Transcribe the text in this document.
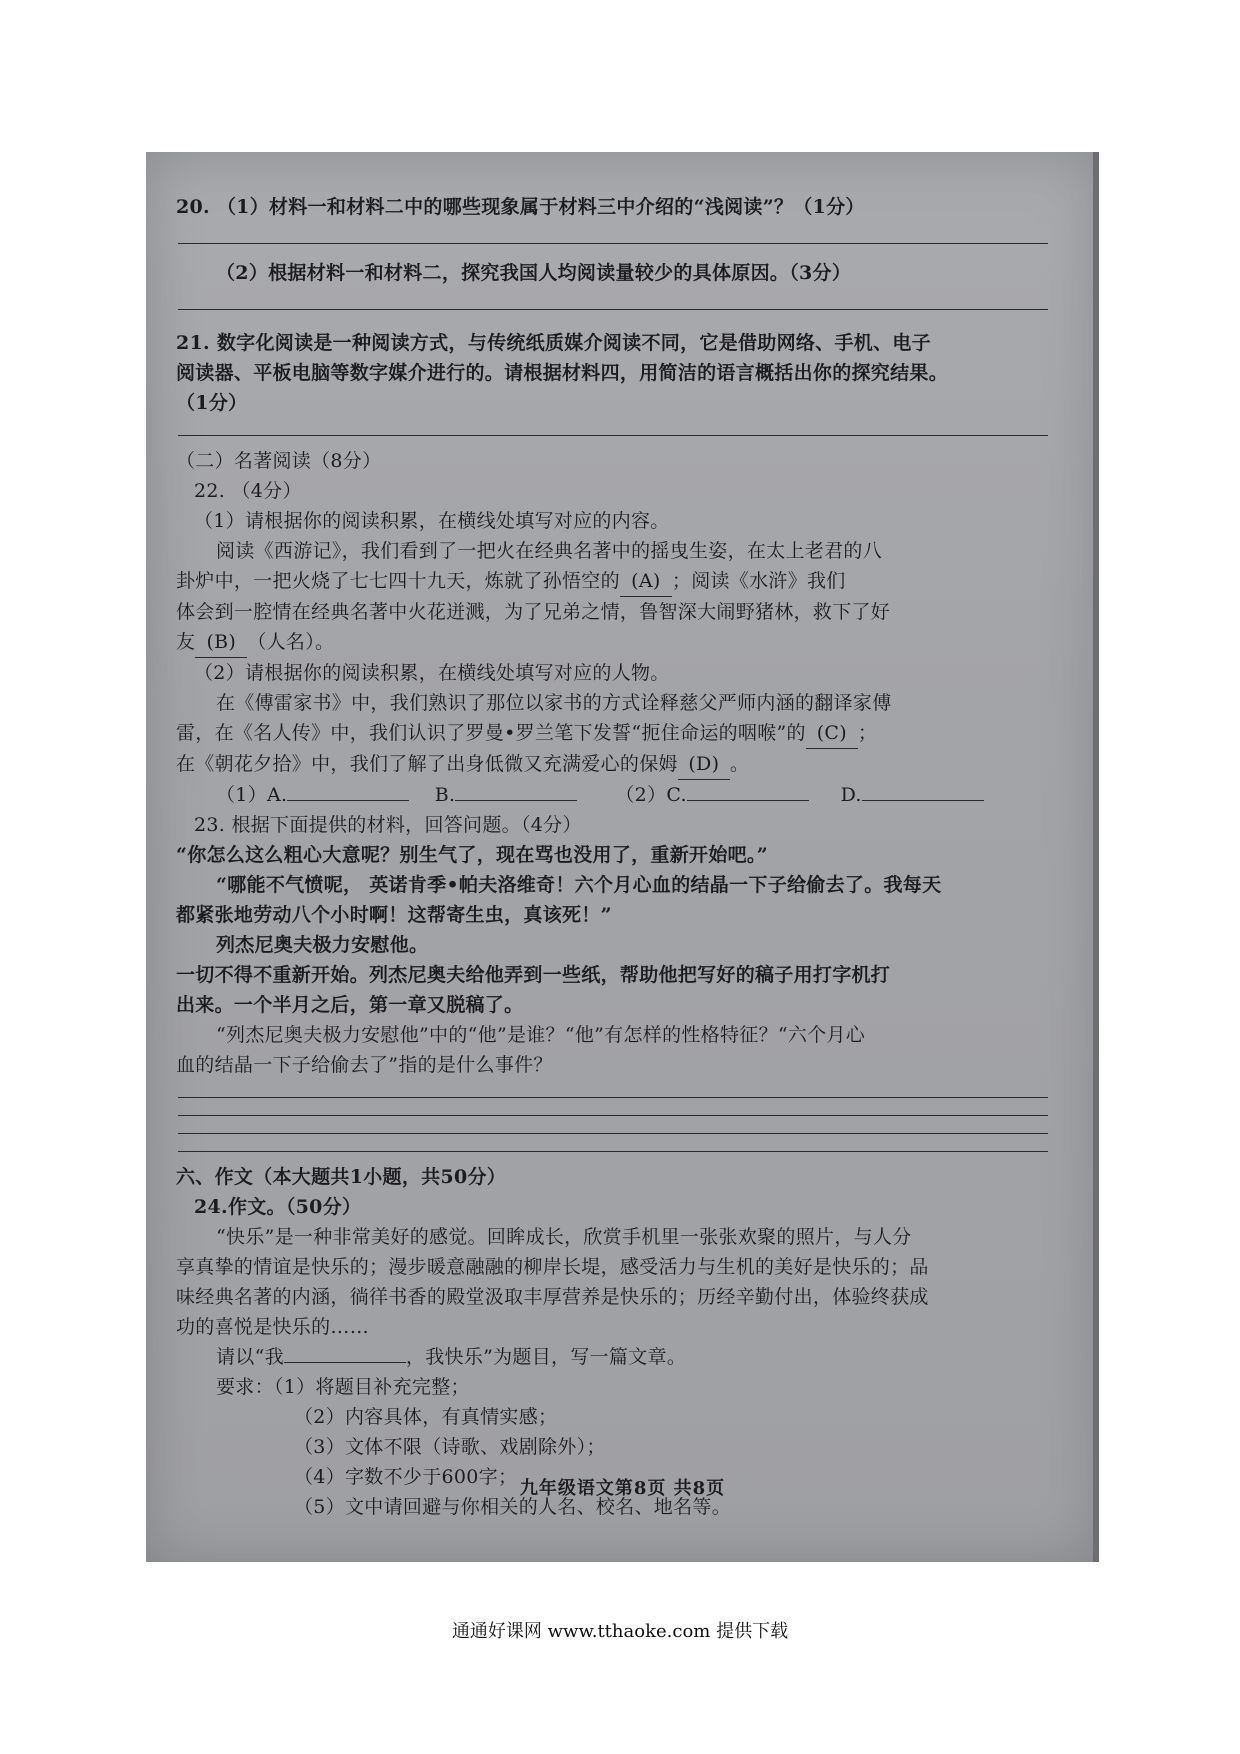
20. （1）材料一和材料二中的哪些现象属于材料三中介绍的“浅阅读”？（1分）
（2）根据材料一和材料二，探究我国人均阅读量较少的具体原因。（3分）
21. 数字化阅读是一种阅读方式，与传统纸质媒介阅读不同，它是借助网络、手机、电子
阅读器、平板电脑等数字媒介进行的。请根据材料四，用简洁的语言概括出你的探究结果。
（1分）
（二）名著阅读（8分）
22. （4分）
（1）请根据你的阅读积累，在横线处填写对应的内容。
阅读《西游记》，我们看到了一把火在经典名著中的摇曳生姿，在太上老君的八
卦炉中，一把火烧了七七四十九天，炼就了孙悟空的 (A) ；阅读《水浒》我们
体会到一腔情在经典名著中火花迸溅，为了兄弟之情，鲁智深大闹野猪林，救下了好
友 (B) （人名）。
（2）请根据你的阅读积累，在横线处填写对应的人物。
在《傅雷家书》中，我们熟识了那位以家书的方式诠释慈父严师内涵的翻译家傅
雷，在《名人传》中，我们认识了罗曼•罗兰笔下发誓“扼住命运的咽喉”的 (C) ；
在《朝花夕拾》中，我们了解了出身低微又充满爱心的保姆 (D) 。
（1）A.	B.	（2）C.	D.
23. 根据下面提供的材料，回答问题。（4分）
“你怎么这么粗心大意呢？别生气了，现在骂也没用了，重新开始吧。”
“哪能不气愤呢， 英诺肯季•帕夫洛维奇！六个月心血的结晶一下子给偷去了。我每天
都紧张地劳动八个小时啊！这帮寄生虫，真该死！”
列杰尼奥夫极力安慰他。
一切不得不重新开始。列杰尼奥夫给他弄到一些纸，帮助他把写好的稿子用打字机打
出来。一个半月之后，第一章又脱稿了。
“列杰尼奥夫极力安慰他”中的“他”是谁？“他”有怎样的性格特征？“六个月心
血的结晶一下子给偷去了”指的是什么事件？
六、作文（本大题共1小题，共50分）
24.作文。（50分）
“快乐”是一种非常美好的感觉。回眸成长，欣赏手机里一张张欢聚的照片，与人分
享真挚的情谊是快乐的；漫步暖意融融的柳岸长堤，感受活力与生机的美好是快乐的；品
味经典名著的内涵，徜徉书香的殿堂汲取丰厚营养是快乐的；历经辛勤付出，体验终获成
功的喜悦是快乐的……
请以“我	，我快乐”为题目，写一篇文章。
要求：（1）将题目补充完整；
（2）内容具体，有真情实感；
（3）文体不限（诗歌、戏剧除外）；
（4）字数不少于600字；
（5）文中请回避与你相关的人名、校名、地名等。
九年级语文第8页 共8页
通通好课网 www.tthaoke.com 提供下载
